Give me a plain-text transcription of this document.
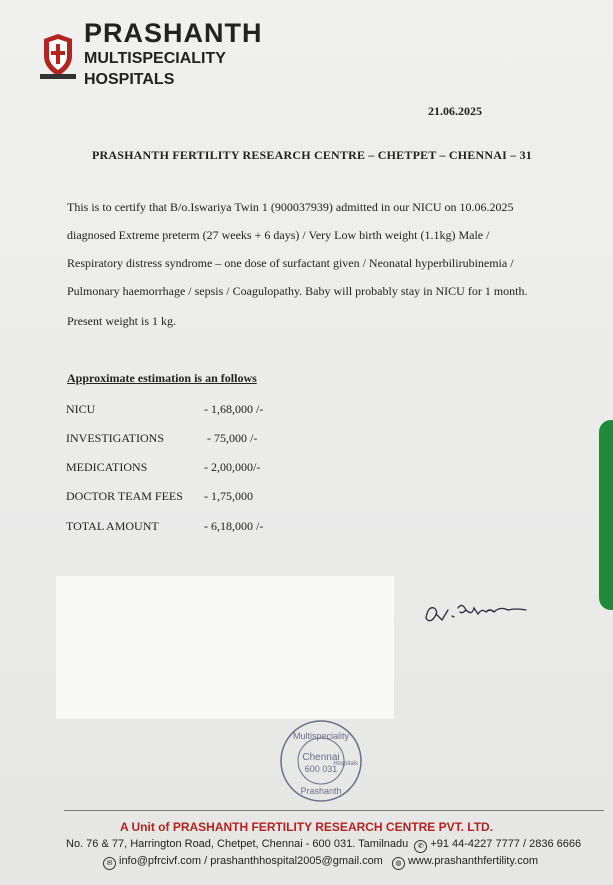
PRASHANTH
MULTISPECIALITY
HOSPITALS
21.06.2025
PRASHANTH FERTILITY RESEARCH CENTRE – CHETPET – CHENNAI – 31
This is to certify that B/o.Iswariya Twin 1 (900037939) admitted in our NICU on 10.06.2025
diagnosed Extreme preterm (27 weeks + 6 days) / Very Low birth weight (1.1kg) Male /
Respiratory distress syndrome – one dose of surfactant given / Neonatal hyperbilirubinemia /
Pulmonary haemorrhage / sepsis / Coagulopathy. Baby will probably stay in NICU for 1 month.
Present weight is 1 kg.
Approximate estimation is an follows
NICU	- 1,68,000 /-
INVESTIGATIONS	- 75,000 /-
MEDICATIONS	- 2,00,000/-
DOCTOR TEAM FEES - 1,75,000
TOTAL AMOUNT	- 6,18,000 /-
Multispeciality
Chennai
600 031
Prashanth
Hospitals
A Unit of PRASHANTH FERTILITY RESEARCH CENTRE PVT. LTD.
No. 76 & 77, Harrington Road, Chetpet, Chennai - 600 031. Tamilnadu ✆ +91 44-4227 7777 / 2836 6666
✉ info@pfrcivf.com / prashanthhospital2005@gmail.com ◍ www.prashanthfertility.com
